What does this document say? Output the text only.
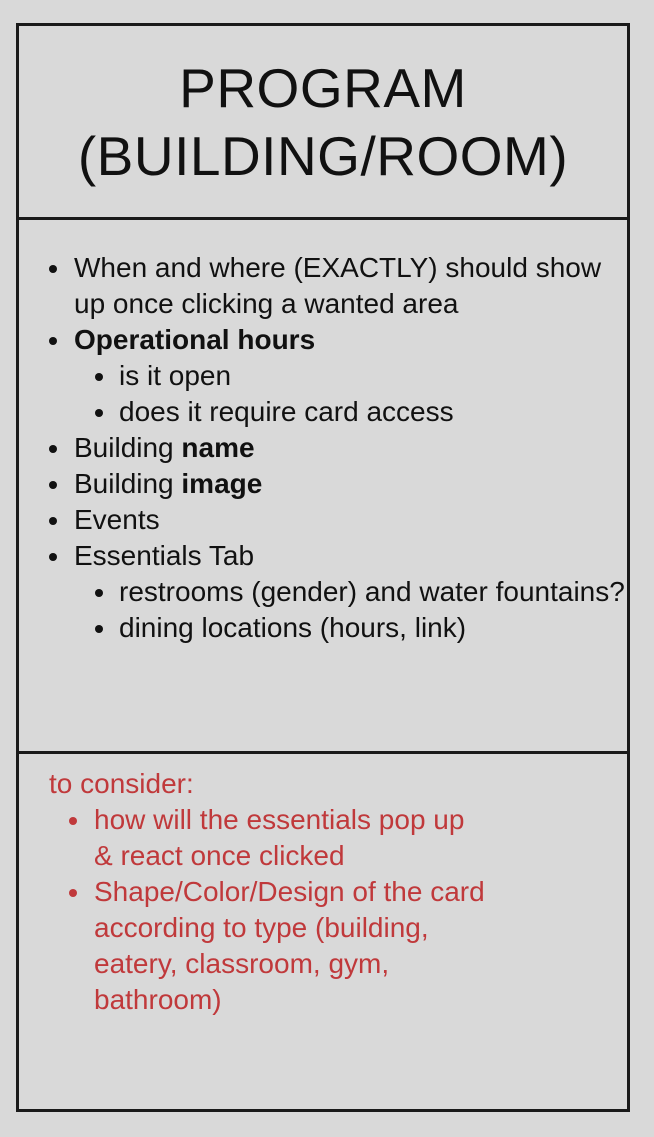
PROGRAM
(BUILDING/ROOM)
When and where (EXACTLY) should show up once clicking a wanted area
Operational hours
is it open
does it require card access
Building name
Building image
Events
Essentials Tab
restrooms (gender) and water fountains?
dining locations (hours, link)
to consider:
how will the essentials pop up
& react once clicked
Shape/Color/Design of the card according to type (building, eatery, classroom, gym, bathroom)
